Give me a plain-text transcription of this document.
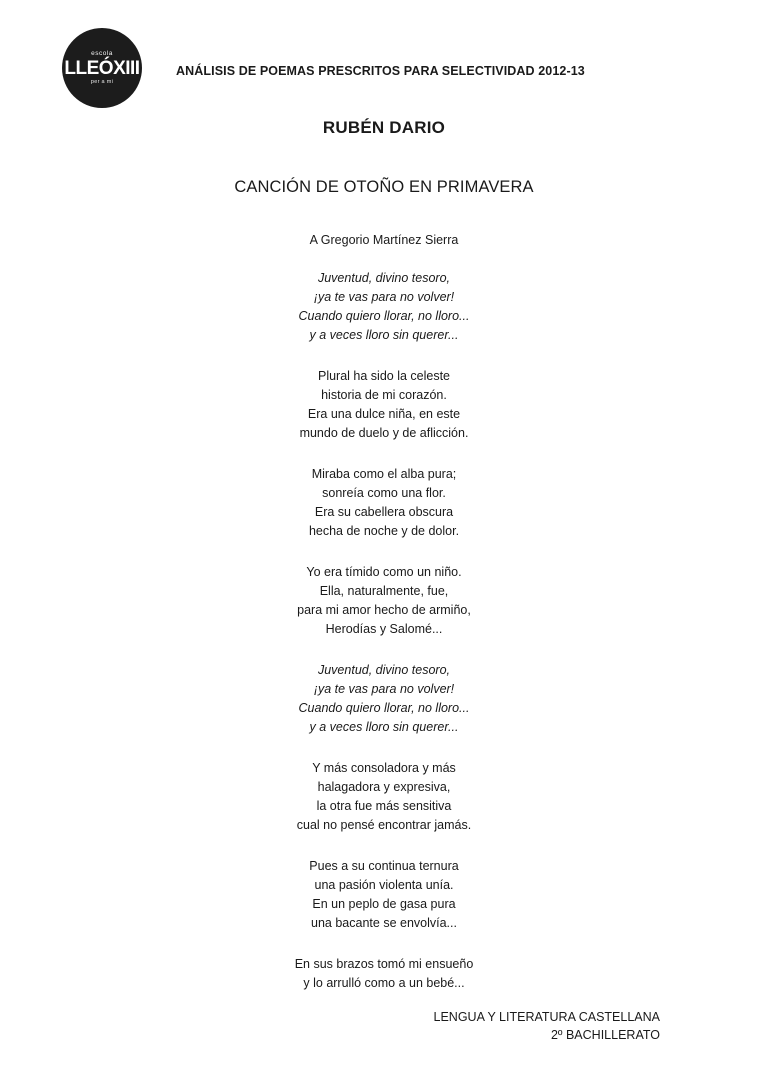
escola
LLEÓXIII
per a mi
ANÁLISIS DE POEMAS PRESCRITOS PARA SELECTIVIDAD 2012-13
RUBÉN DARIO
CANCIÓN DE OTOÑO EN PRIMAVERA
A Gregorio Martínez Sierra
Juventud, divino tesoro,
¡ya te vas para no volver!
Cuando quiero llorar, no lloro...
y a veces lloro sin querer...
Plural ha sido la celeste
historia de mi corazón.
Era una dulce niña, en este
mundo de duelo y de aflicción.
Miraba como el alba pura;
sonreía como una flor.
Era su cabellera obscura
hecha de noche y de dolor.
Yo era tímido como un niño.
Ella, naturalmente, fue,
para mi amor hecho de armiño,
Herodías y Salomé...
Juventud, divino tesoro,
¡ya te vas para no volver!
Cuando quiero llorar, no lloro...
y a veces lloro sin querer...
Y más consoladora y más
halagadora y expresiva,
la otra fue más sensitiva
cual no pensé encontrar jamás.
Pues a su continua ternura
una pasión violenta unía.
En un peplo de gasa pura
una bacante se envolvía...
En sus brazos tomó mi ensueño
y lo arrulló como a un bebé...
LENGUA Y LITERATURA CASTELLANA
2º BACHILLERATO
